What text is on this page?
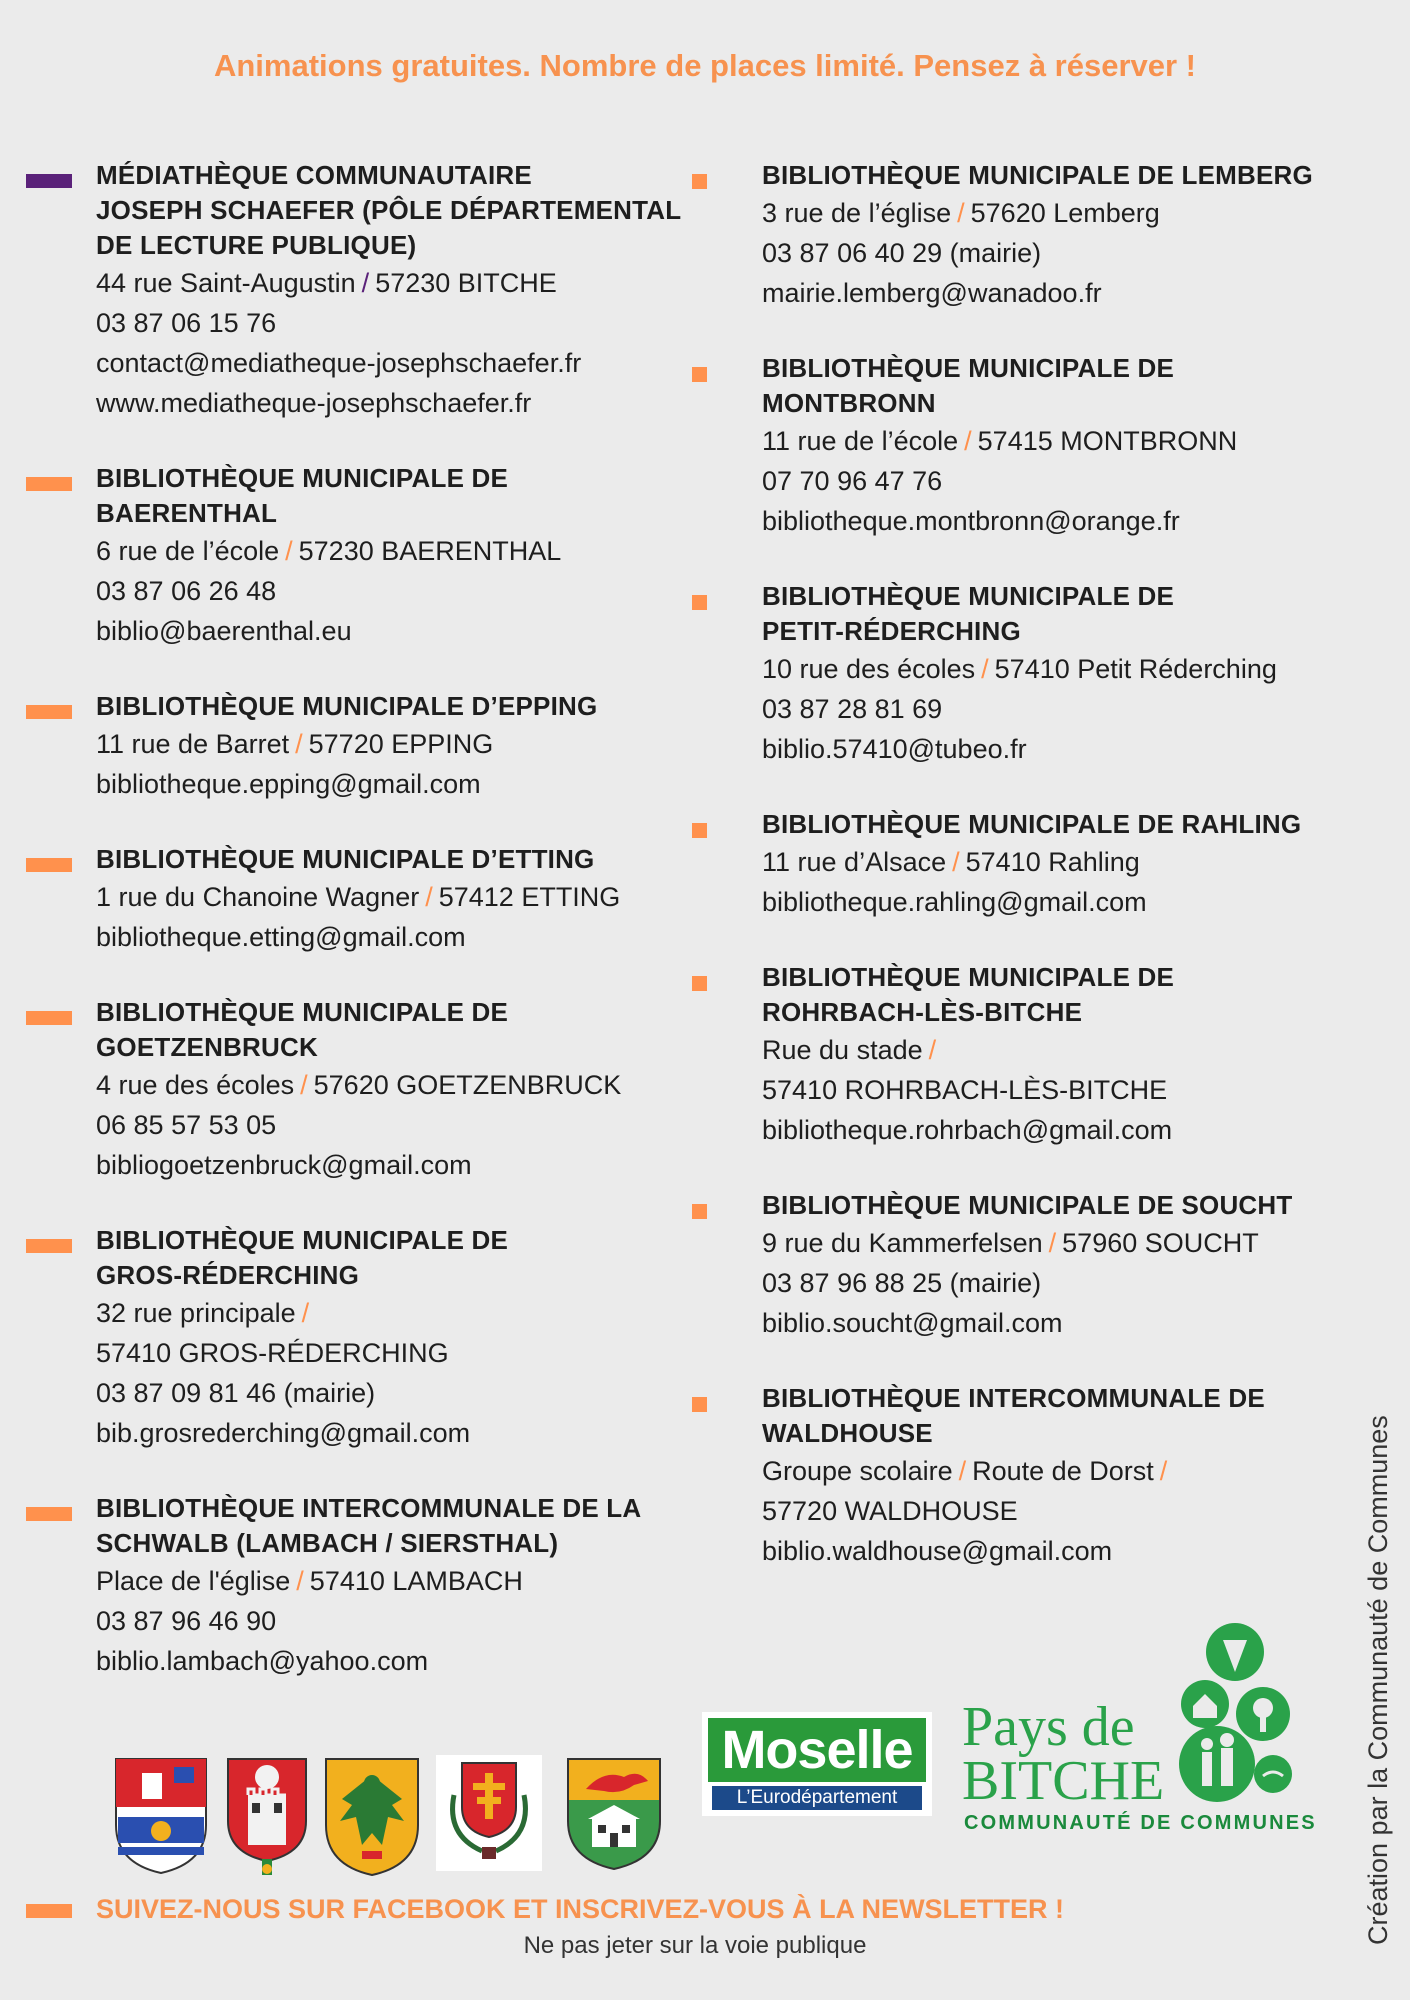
Animations gratuites. Nombre de places limité. Pensez à réserver !
MÉDIATHÈQUE COMMUNAUTAIRE
JOSEPH SCHAEFER (PÔLE DÉPARTEMENTAL
DE LECTURE PUBLIQUE)
44 rue Saint-Augustin / 57230 BITCHE
03 87 06 15 76
contact@mediatheque-josephschaefer.fr
www.mediatheque-josephschaefer.fr
BIBLIOTHÈQUE MUNICIPALE DE
BAERENTHAL
6 rue de l’école / 57230 BAERENTHAL
03 87 06 26 48
biblio@baerenthal.eu
BIBLIOTHÈQUE MUNICIPALE D’EPPING
11 rue de Barret / 57720 EPPING
bibliotheque.epping@gmail.com
BIBLIOTHÈQUE MUNICIPALE D’ETTING
1 rue du Chanoine Wagner / 57412 ETTING
bibliotheque.etting@gmail.com
BIBLIOTHÈQUE MUNICIPALE DE
GOETZENBRUCK
4 rue des écoles / 57620 GOETZENBRUCK
06 85 57 53 05
bibliogoetzenbruck@gmail.com
BIBLIOTHÈQUE MUNICIPALE DE
GROS-RÉDERCHING
32 rue principale /
57410 GROS-RÉDERCHING
03 87 09 81 46 (mairie)
bib.grosrederching@gmail.com
BIBLIOTHÈQUE INTERCOMMUNALE DE LA
SCHWALB (LAMBACH / SIERSTHAL)
Place de l'église / 57410 LAMBACH
03 87 96 46 90
biblio.lambach@yahoo.com
BIBLIOTHÈQUE MUNICIPALE DE LEMBERG
3 rue de l’église / 57620 Lemberg
03 87 06 40 29 (mairie)
mairie.lemberg@wanadoo.fr
BIBLIOTHÈQUE MUNICIPALE DE
MONTBRONN
11 rue de l’école / 57415 MONTBRONN
07 70 96 47 76
bibliotheque.montbronn@orange.fr
BIBLIOTHÈQUE MUNICIPALE DE
PETIT-RÉDERCHING
10 rue des écoles / 57410 Petit Réderching
03 87 28 81 69
biblio.57410@tubeo.fr
BIBLIOTHÈQUE MUNICIPALE DE RAHLING
11 rue d’Alsace / 57410 Rahling
bibliotheque.rahling@gmail.com
BIBLIOTHÈQUE MUNICIPALE DE
ROHRBACH-LÈS-BITCHE
Rue du stade /
57410 ROHRBACH-LÈS-BITCHE
bibliotheque.rohrbach@gmail.com
BIBLIOTHÈQUE MUNICIPALE DE SOUCHT
9 rue du Kammerfelsen / 57960 SOUCHT
03 87 96 88 25 (mairie)
biblio.soucht@gmail.com
BIBLIOTHÈQUE INTERCOMMUNALE DE
WALDHOUSE
Groupe scolaire / Route de Dorst /
57720 WALDHOUSE
biblio.waldhouse@gmail.com
Moselle
L’Eurodépartement
Pays de
BITCHE
COMMUNAUTÉ DE COMMUNES
SUIVEZ-NOUS SUR FACEBOOK ET INSCRIVEZ-VOUS À LA NEWSLETTER !
Ne pas jeter sur la voie publique
Création par la Communauté de Communes
